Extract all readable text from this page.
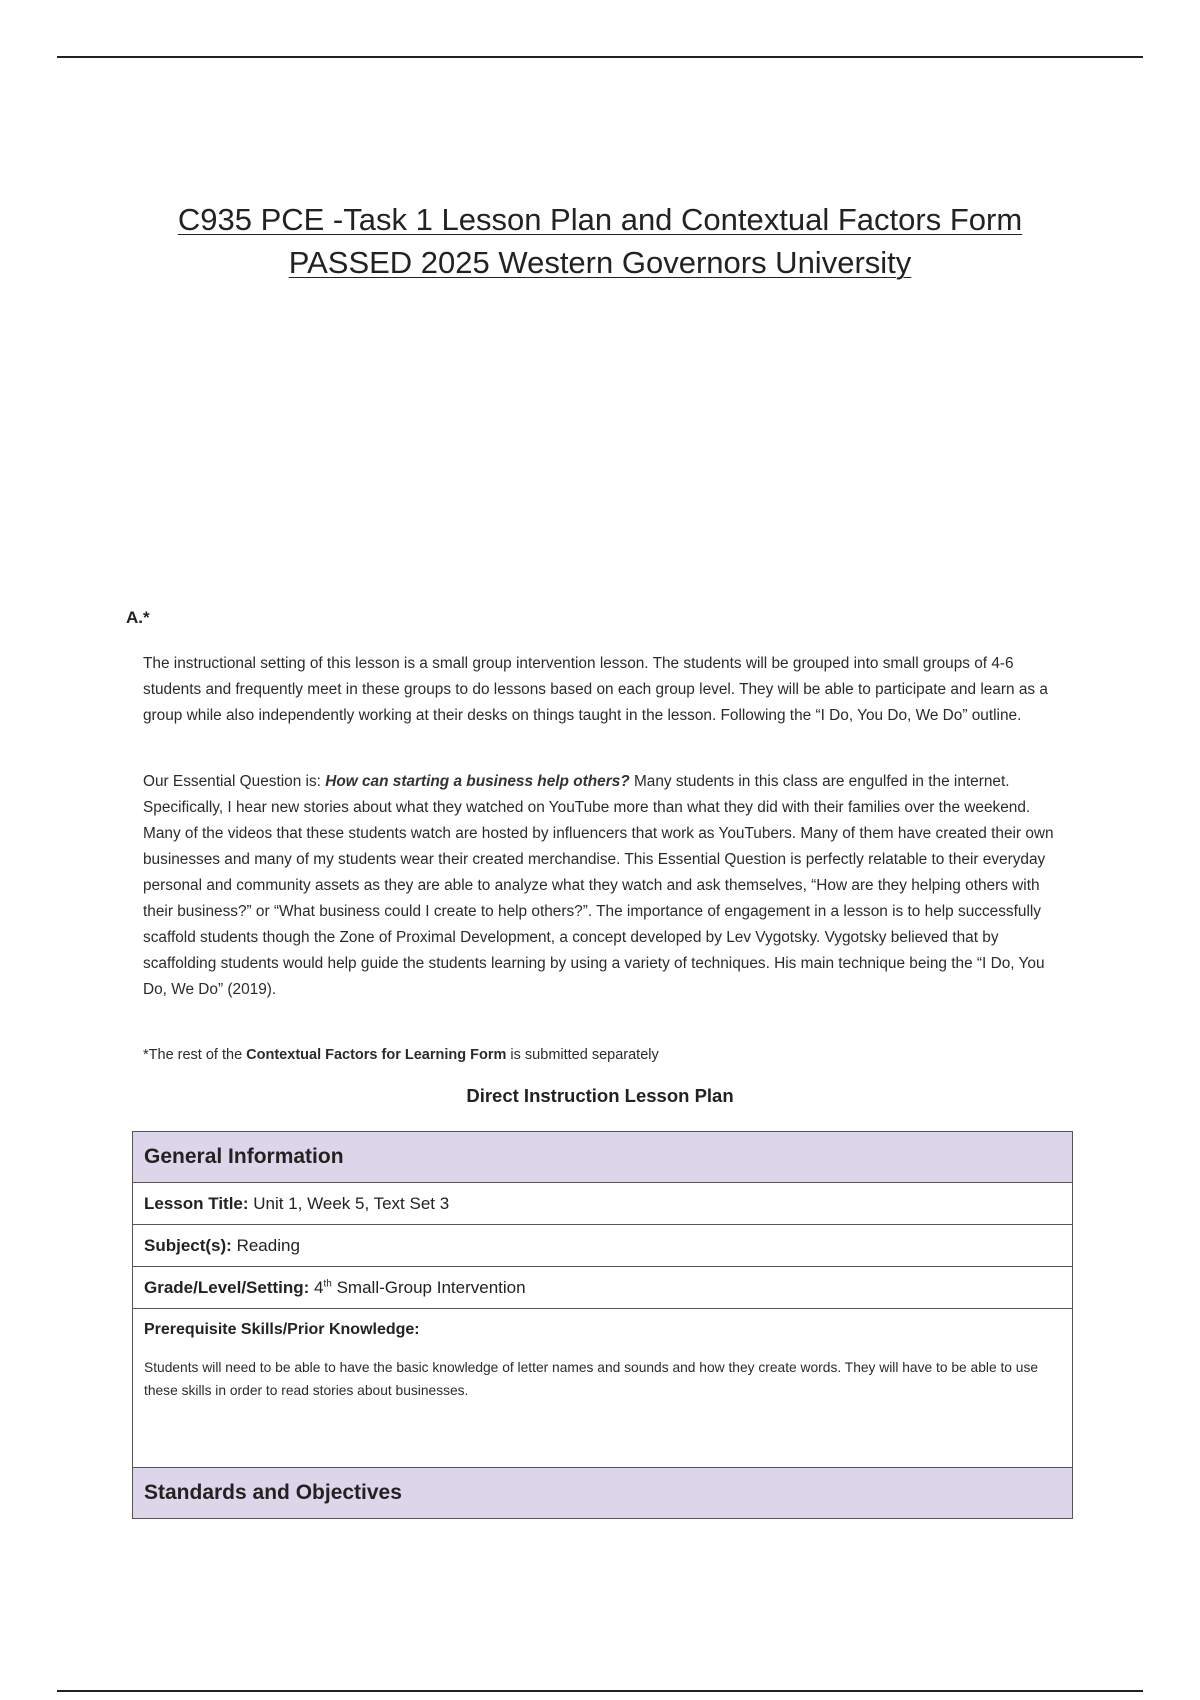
C935 PCE -Task 1 Lesson Plan and Contextual Factors Form
PASSED 2025 Western Governors University
A.*

The instructional setting of this lesson is a small group intervention lesson. The students will be grouped into small groups of 4-6 students and frequently meet in these groups to do lessons based on each group level. They will be able to participate and learn as a group while also independently working at their desks on things taught in the lesson. Following the “I Do, You Do, We Do” outline.

Our Essential Question is: How can starting a business help others? Many students in this class are engulfed in the internet. Specifically, I hear new stories about what they watched on YouTube more than what they did with their families over the weekend. Many of the videos that these students watch are hosted by influencers that work as YouTubers. Many of them have created their own businesses and many of my students wear their created merchandise. This Essential Question is perfectly relatable to their everyday personal and community assets as they are able to analyze what they watch and ask themselves, “How are they helping others with their business?” or “What business could I create to help others?”. The importance of engagement in a lesson is to help successfully scaffold students though the Zone of Proximal Development, a concept developed by Lev Vygotsky. Vygotsky believed that by scaffolding students would help guide the students learning by using a variety of techniques. His main technique being the “I Do, You Do, We Do” (2019).

*The rest of the Contextual Factors for Learning Form is submitted separately

Direct Instruction Lesson Plan
General Information
Lesson Title: Unit 1, Week 5, Text Set 3
Subject(s): Reading
Grade/Level/Setting: 4th Small-Group Intervention

Prerequisite Skills/Prior Knowledge:
Students will need to be able to have the basic knowledge of letter names and sounds and how they create words. They will have to be able to use these skills in order to read stories about businesses.

Standards and Objectives
